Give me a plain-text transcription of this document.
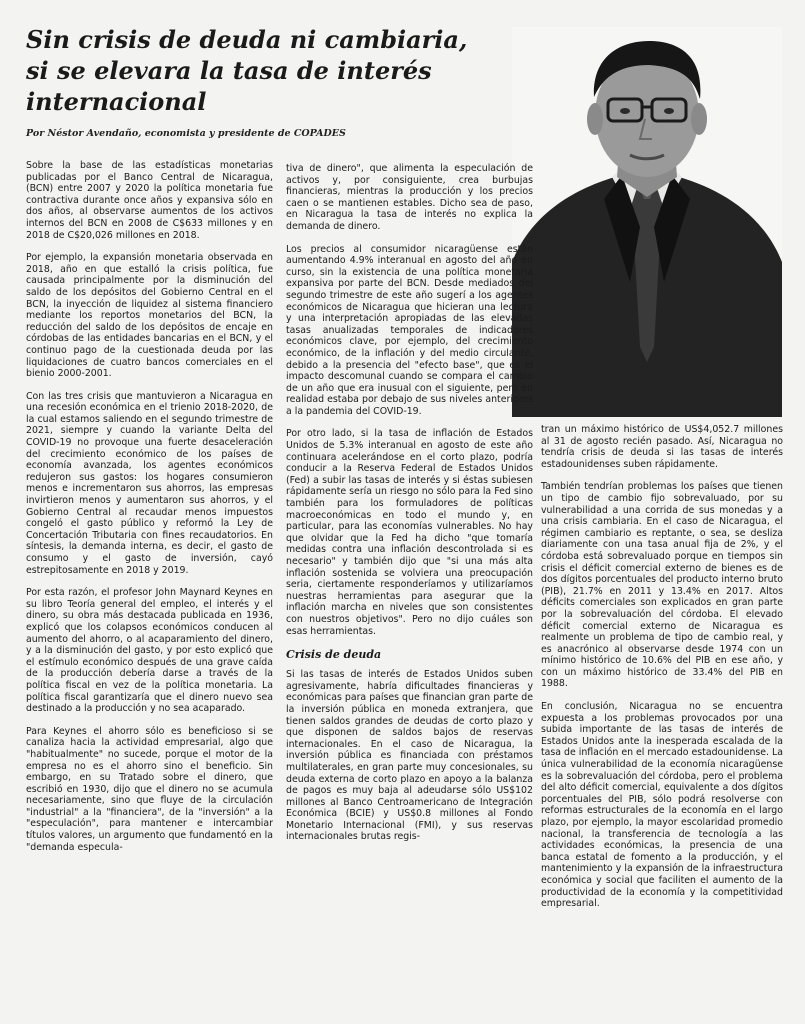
Sin crisis de deuda ni cambiaria,
si se elevara la tasa de interés
internacional

Por Néstor Avendaño, economista y presidente de COPADES

Sobre la base de las estadísticas monetarias publicadas por el Banco Central de Nicaragua, (BCN) entre 2007 y 2020 la política monetaria fue contractiva durante once años y expansiva sólo en dos años, al observarse aumentos de los activos internos del BCN en 2008 de C$633 millones y en 2018 de C$20,026 millones en 2018.

Por ejemplo, la expansión monetaria observada en 2018, año en que estalló la crisis política, fue causada principalmente por la disminución del saldo de los depósitos del Gobierno Central en el BCN, la inyección de liquidez al sistema financiero mediante los reportos monetarios del BCN, la reducción del saldo de los depósitos de encaje en córdobas de las entidades bancarias en el BCN, y el continuo pago de la cuestionada deuda por las liquidaciones de cuatro bancos comerciales en el bienio 2000-2001.

Con las tres crisis que mantuvieron a Nicaragua en una recesión económica en el trienio 2018-2020, de la cual estamos saliendo en el segundo trimestre de 2021, siempre y cuando la variante Delta del COVID-19 no provoque una fuerte desaceleración del crecimiento económico de los países de economía avanzada, los agentes económicos redujeron sus gastos: los hogares consumieron menos e incrementaron sus ahorros, las empresas invirtieron menos y aumentaron sus ahorros, y el Gobierno Central al recaudar menos impuestos congeló el gasto público y reformó la Ley de Concertación Tributaria con fines recaudatorios. En síntesis, la demanda interna, es decir, el gasto de consumo y el gasto de inversión, cayó estrepitosamente en 2018 y 2019.

Por esta razón, el profesor John Maynard Keynes en su libro Teoría general del empleo, el interés y el dinero, su obra más destacada publicada en 1936, explicó que los colapsos económicos conducen al aumento del ahorro, o al acaparamiento del dinero, y a la disminución del gasto, y por esto explicó que el estímulo económico después de una grave caída de la producción debería darse a través de la política fiscal en vez de la política monetaria. La política fiscal garantizaría que el dinero nuevo sea destinado a la producción y no sea acaparado.

Para Keynes el ahorro sólo es beneficioso si se canaliza hacia la actividad empresarial, algo que "habitualmente" no sucede, porque el motor de la empresa no es el ahorro sino el beneficio. Sin embargo, en su Tratado sobre el dinero, que escribió en 1930, dijo que el dinero no se acumula necesariamente, sino que fluye de la circulación "industrial" a la "financiera", de la "inversión" a la "especulación", para mantener e intercambiar títulos valores, un argumento que fundamentó en la "demanda especula-

tiva de dinero", que alimenta la especulación de activos y, por consiguiente, crea burbujas financieras, mientras la producción y los precios caen o se mantienen estables. Dicho sea de paso, en Nicaragua la tasa de interés no explica la demanda de dinero.

Los precios al consumidor nicaragüense están aumentando 4.9% interanual en agosto del año en curso, sin la existencia de una política monetaria expansiva por parte del BCN. Desde mediados del segundo trimestre de este año sugerí a los agentes económicos de Nicaragua que hicieran una lectura y una interpretación apropiadas de las elevadas tasas anualizadas temporales de indicadores económicos clave, por ejemplo, del crecimiento económico, de la inflación y del medio circulante, debido a la presencia del "efecto base", que es el impacto descomunal cuando se compara el cambio de un año que era inusual con el siguiente, pero en realidad estaba por debajo de sus niveles anteriores a la pandemia del COVID-19.

Por otro lado, si la tasa de inflación de Estados Unidos de 5.3% interanual en agosto de este año continuara acelerándose en el corto plazo, podría conducir a la Reserva Federal de Estados Unidos (Fed) a subir las tasas de interés y si éstas subiesen rápidamente sería un riesgo no sólo para la Fed sino también para los formuladores de políticas macroeconómicas en todo el mundo y, en particular, para las economías vulnerables. No hay que olvidar que la Fed ha dicho "que tomaría medidas contra una inflación descontrolada si es necesario" y también dijo que "si una más alta inflación sostenida se volviera una preocupación seria, ciertamente responderíamos y utilizaríamos nuestras herramientas para asegurar que la inflación marcha en niveles que son consistentes con nuestros objetivos". Pero no dijo cuáles son esas herramientas.

Crisis de deuda

Si las tasas de interés de Estados Unidos suben agresivamente, habría dificultades financieras y económicas para países que financian gran parte de la inversión pública en moneda extranjera, que tienen saldos grandes de deudas de corto plazo y que disponen de saldos bajos de reservas internacionales. En el caso de Nicaragua, la inversión pública es financiada con préstamos multilaterales, en gran parte muy concesionales, su deuda externa de corto plazo en apoyo a la balanza de pagos es muy baja al adeudarse sólo US$102 millones al Banco Centroamericano de Integración Económica (BCIE) y US$0.8 millones al Fondo Monetario Internacional (FMI), y sus reservas internacionales brutas regis-

tran un máximo histórico de US$4,052.7 millones al 31 de agosto recién pasado. Así, Nicaragua no tendría crisis de deuda si las tasas de interés estadounidenses suben rápidamente.

También tendrían problemas los países que tienen un tipo de cambio fijo sobrevaluado, por su vulnerabilidad a una corrida de sus monedas y a una crisis cambiaria. En el caso de Nicaragua, el régimen cambiario es reptante, o sea, se desliza diariamente con una tasa anual fija de 2%, y el córdoba está sobrevaluado porque en tiempos sin crisis el déficit comercial externo de bienes es de dos dígitos porcentuales del producto interno bruto (PIB), 21.7% en 2011 y 13.4% en 2017. Altos déficits comerciales son explicados en gran parte por la sobrevaluación del córdoba. El elevado déficit comercial externo de Nicaragua es realmente un problema de tipo de cambio real, y es anacrónico al observarse desde 1974 con un mínimo histórico de 10.6% del PIB en ese año, y con un máximo histórico de 33.4% del PIB en 1988.

En conclusión, Nicaragua no se encuentra expuesta a los problemas provocados por una subida importante de las tasas de interés de Estados Unidos ante la inesperada escalada de la tasa de inflación en el mercado estadounidense. La única vulnerabilidad de la economía nicaragüense es la sobrevaluación del córdoba, pero el problema del alto déficit comercial, equivalente a dos dígitos porcentuales del PIB, sólo podrá resolverse con reformas estructurales de la economía en el largo plazo, por ejemplo, la mayor escolaridad promedio nacional, la transferencia de tecnología a las actividades económicas, la presencia de una banca estatal de fomento a la producción, y el mantenimiento y la expansión de la infraestructura económica y social que faciliten el aumento de la productividad de la economía y la competitividad empresarial.
